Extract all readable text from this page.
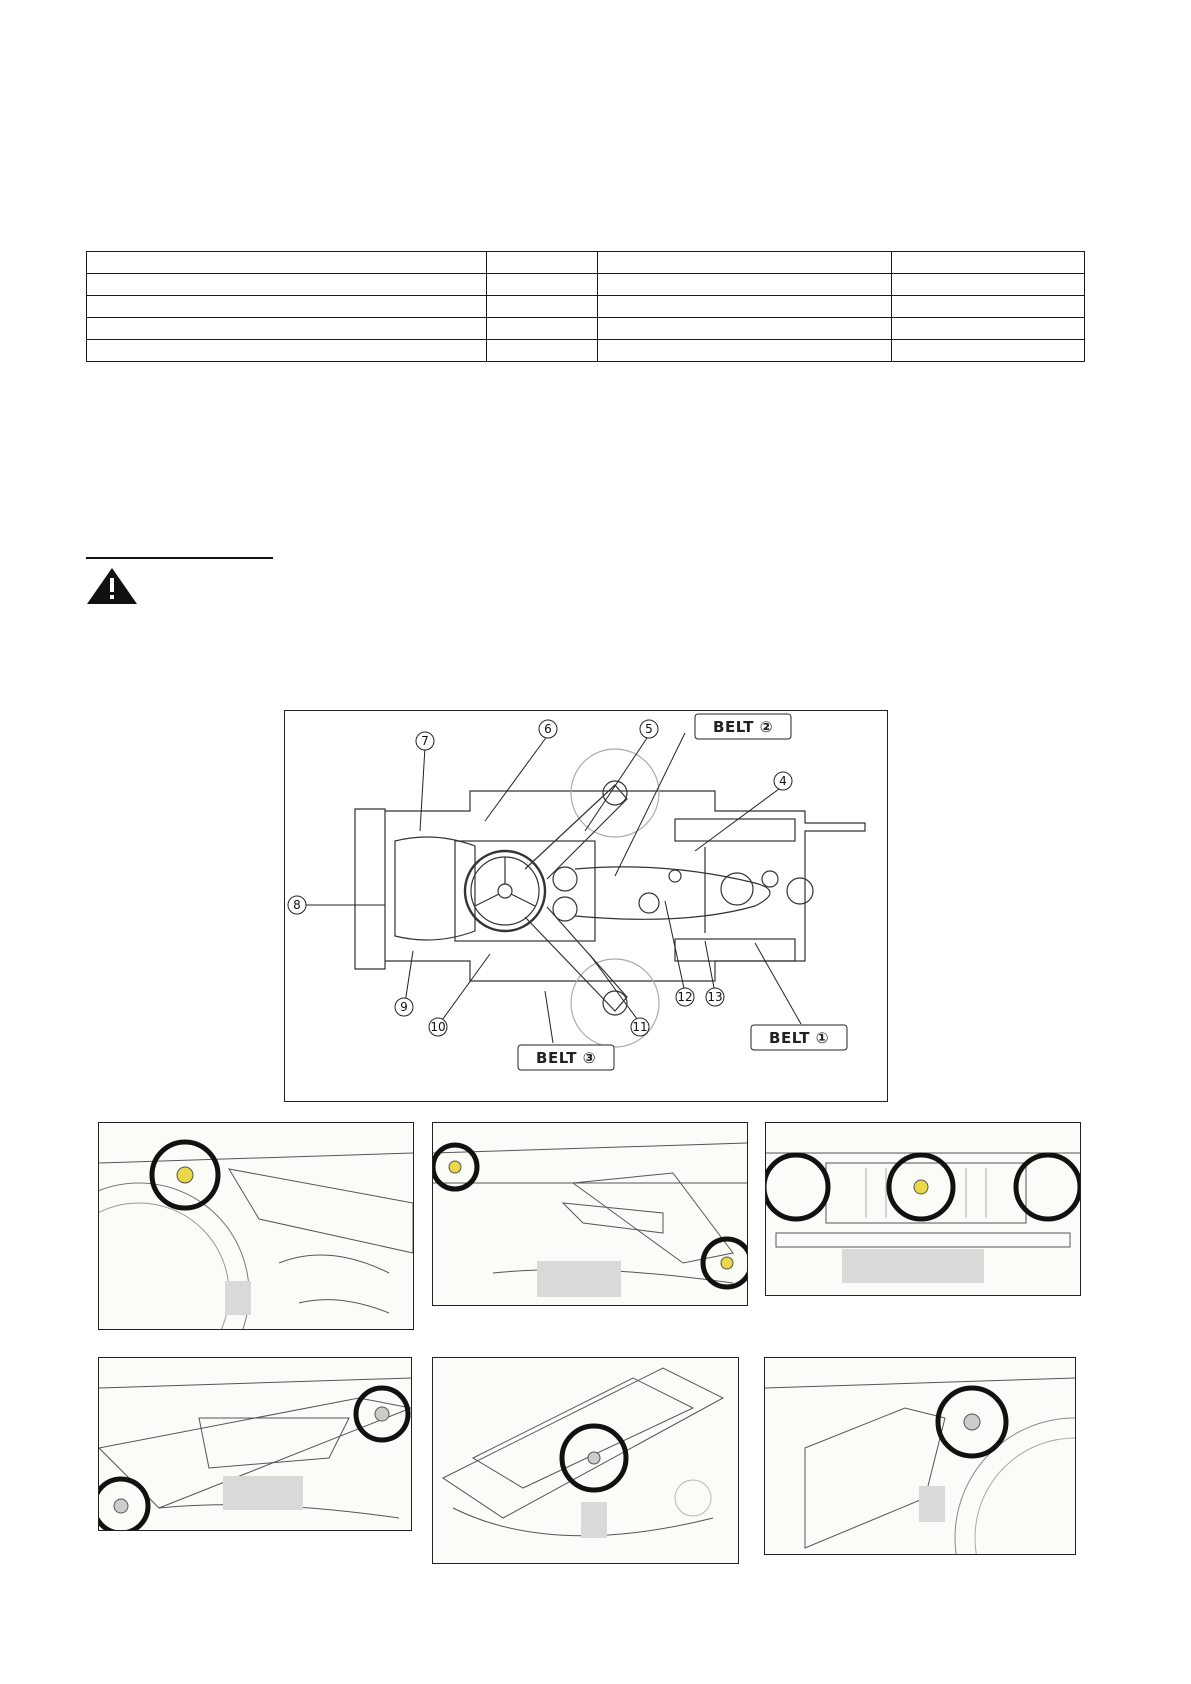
4
5
6
7
8
9
10	11
12 13
BELT ②
BELT ①
BELT ③
